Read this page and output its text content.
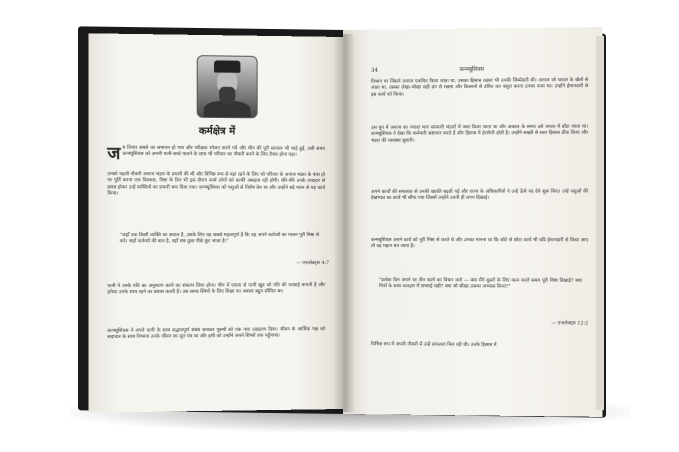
कर्मक्षेत्र में
जब विचार सबसे का समापन हो गया और परीक्षक भोजन करने गये और चीन की पूरी सरकार भी चाहे हुई, उसी समय कन्फ्यूशियस को अपनी पत्नी-बच्चे पालने के साथ भी परिवार का नौकरी करने के लिए तैयार होना पड़ा।

उनको पहली नौकरी अनाज भंडार के प्रभारी की थी और विभिन्न रूप से वहां रहने के लिए जो परिवार के अनाज भंडार के पास हो पर पूर्ति करना एक विश्वास, निष्ठा के दिन भी इस दौरान कार्य लोगों को काफी असहज रही होगी। धीरे-धीरे उनके व्यवहार से प्रसन्न होकर उन्हें मवेशियों का प्रभारी बना दिया गया। कन्फ्यूशियस को पशुओं से विशेष प्रेम था और उन्होंने बड़े ध्यान से यह कार्य किया।

"जहाँ तक किसी व्यक्ति का सवाल है, उसके लिए यह सबसे महत्वपूर्ण है कि वह अपने कर्तव्यों का पालन पूरी निष्ठा से करे। जहाँ कर्तव्यों की बात है, वहाँ सब कुछ पीछे छूट जाता है।"

— एनालेक्ट्स 4:7

पत्नी ने उनके पति का अनुसरण करने का संकल्प लिया होगा। चीन में एकता से पत्नी खुद को पति की परछाई मानती है और हमेशा उनके साथ रहने का प्रयास करती है। उस समय स्त्रियों के लिए शिक्षा का अवसर बहुत सीमित था।

कन्फ्यूशियस ने अपने पत्नी के साथ सद्भावपूर्ण संबंध बनाकर पुरुषों को एक नया उदाहरण दिया। जीवन के आर्थिक पक्ष को सदाचार के साथ निभाना उनके जीवन का मूल मंत्र था और इसी को उन्होंने अपने शिष्यों तक पहुँचाया।

34	कन्फ्यूशियस

विभाग पर जिसने अनाज एकत्रित किया जाता था, उसका हिसाब रखना भी उनकी जिम्मेदारी थी। अनाज जो चावल के खेतों से आता था, उसका लेखा-जोखा सही ढंग से रखना और किसानों से उचित कर वसूल करना उनका काम था। उन्होंने ईमानदारी से इस कार्य को किया।

उस युग में अनाज का ज्यादा भाग सरकारी भंडारों में जमा किया जाता था और अकाल के समय उसे जनता में बाँटा जाता था। कन्फ्यूशियस ने देखा कि कर्मचारी भ्रष्टाचार करते हैं और हिसाब में हेराफेरी होती है। उन्होंने सख्ती से सारा हिसाब ठीक किया और भंडार की व्यवस्था सुधारी।

अपने कार्यों की सफलता से उनकी ख्याति बढ़ती गई और राज्य के अधिकारियों ने उन्हें ऊँचे पद देने शुरू किए। उन्हें पशुओं की देखभाल का कार्य भी सौंपा गया जिसमें उन्होंने उतनी ही लगन दिखाई।

कन्फ्यूशियस अपने कार्य को पूरी निष्ठा से करते थे और उनका मानना था कि छोटे से छोटा कार्य भी यदि ईमानदारी से किया जाए तो वह महान बन जाता है।

"प्रत्येक दिन अपने पर तीन बातों का विचार करो — क्या मैंने दूसरों के लिए काम करते समय पूरी निष्ठा दिखाई? क्या मित्रों के साथ व्यवहार में सच्चाई रखी? क्या जो सीखा उसका अभ्यास किया?"

— एनालेक्ट्स 12:2

विभिन्न रूप में अपनी नौकरी में उन्हें सफलता मिल रही थी। उनके हिसाब में
